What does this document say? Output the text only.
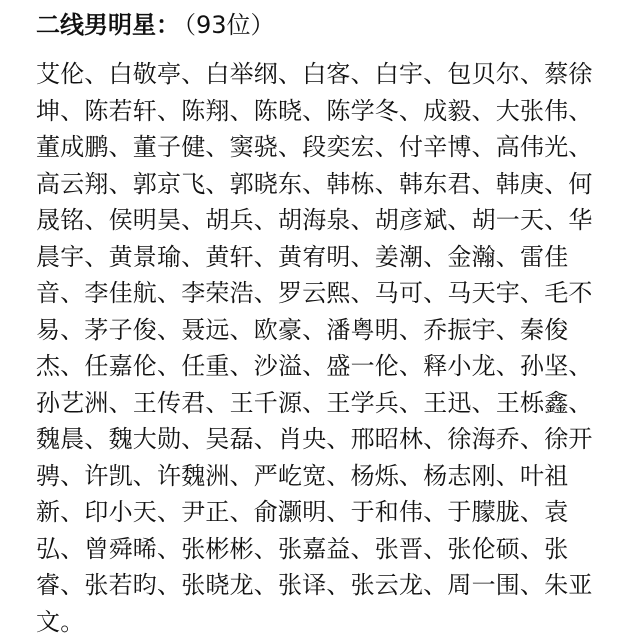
二线男明星： （93位）
艾伦、白敬亭、白举纲、白客、白宇、包贝尔、蔡徐坤、陈若轩、陈翔、陈晓、陈学冬、成毅、大张伟、董成鹏、董子健、窦骁、段奕宏、付辛博、高伟光、高云翔、郭京飞、郭晓东、韩栋、韩东君、韩庚、何晟铭、侯明昊、胡兵、胡海泉、胡彦斌、胡一天、华晨宇、黄景瑜、黄轩、黄宥明、姜潮、金瀚、雷佳音、李佳航、李荣浩、罗云熙、马可、马天宇、毛不易、茅子俊、聂远、欧豪、潘粤明、乔振宇、秦俊杰、任嘉伦、任重、沙溢、盛一伦、释小龙、孙坚、孙艺洲、王传君、王千源、王学兵、王迅、王栎鑫、魏晨、魏大勋、吴磊、肖央、邢昭林、徐海乔、徐开骋、许凯、许魏洲、严屹宽、杨烁、杨志刚、叶祖新、印小天、尹正、俞灏明、于和伟、于朦胧、袁弘、曾舜晞、张彬彬、张嘉益、张晋、张伦硕、张睿、张若昀、张晓龙、张译、张云龙、周一围、朱亚文。
